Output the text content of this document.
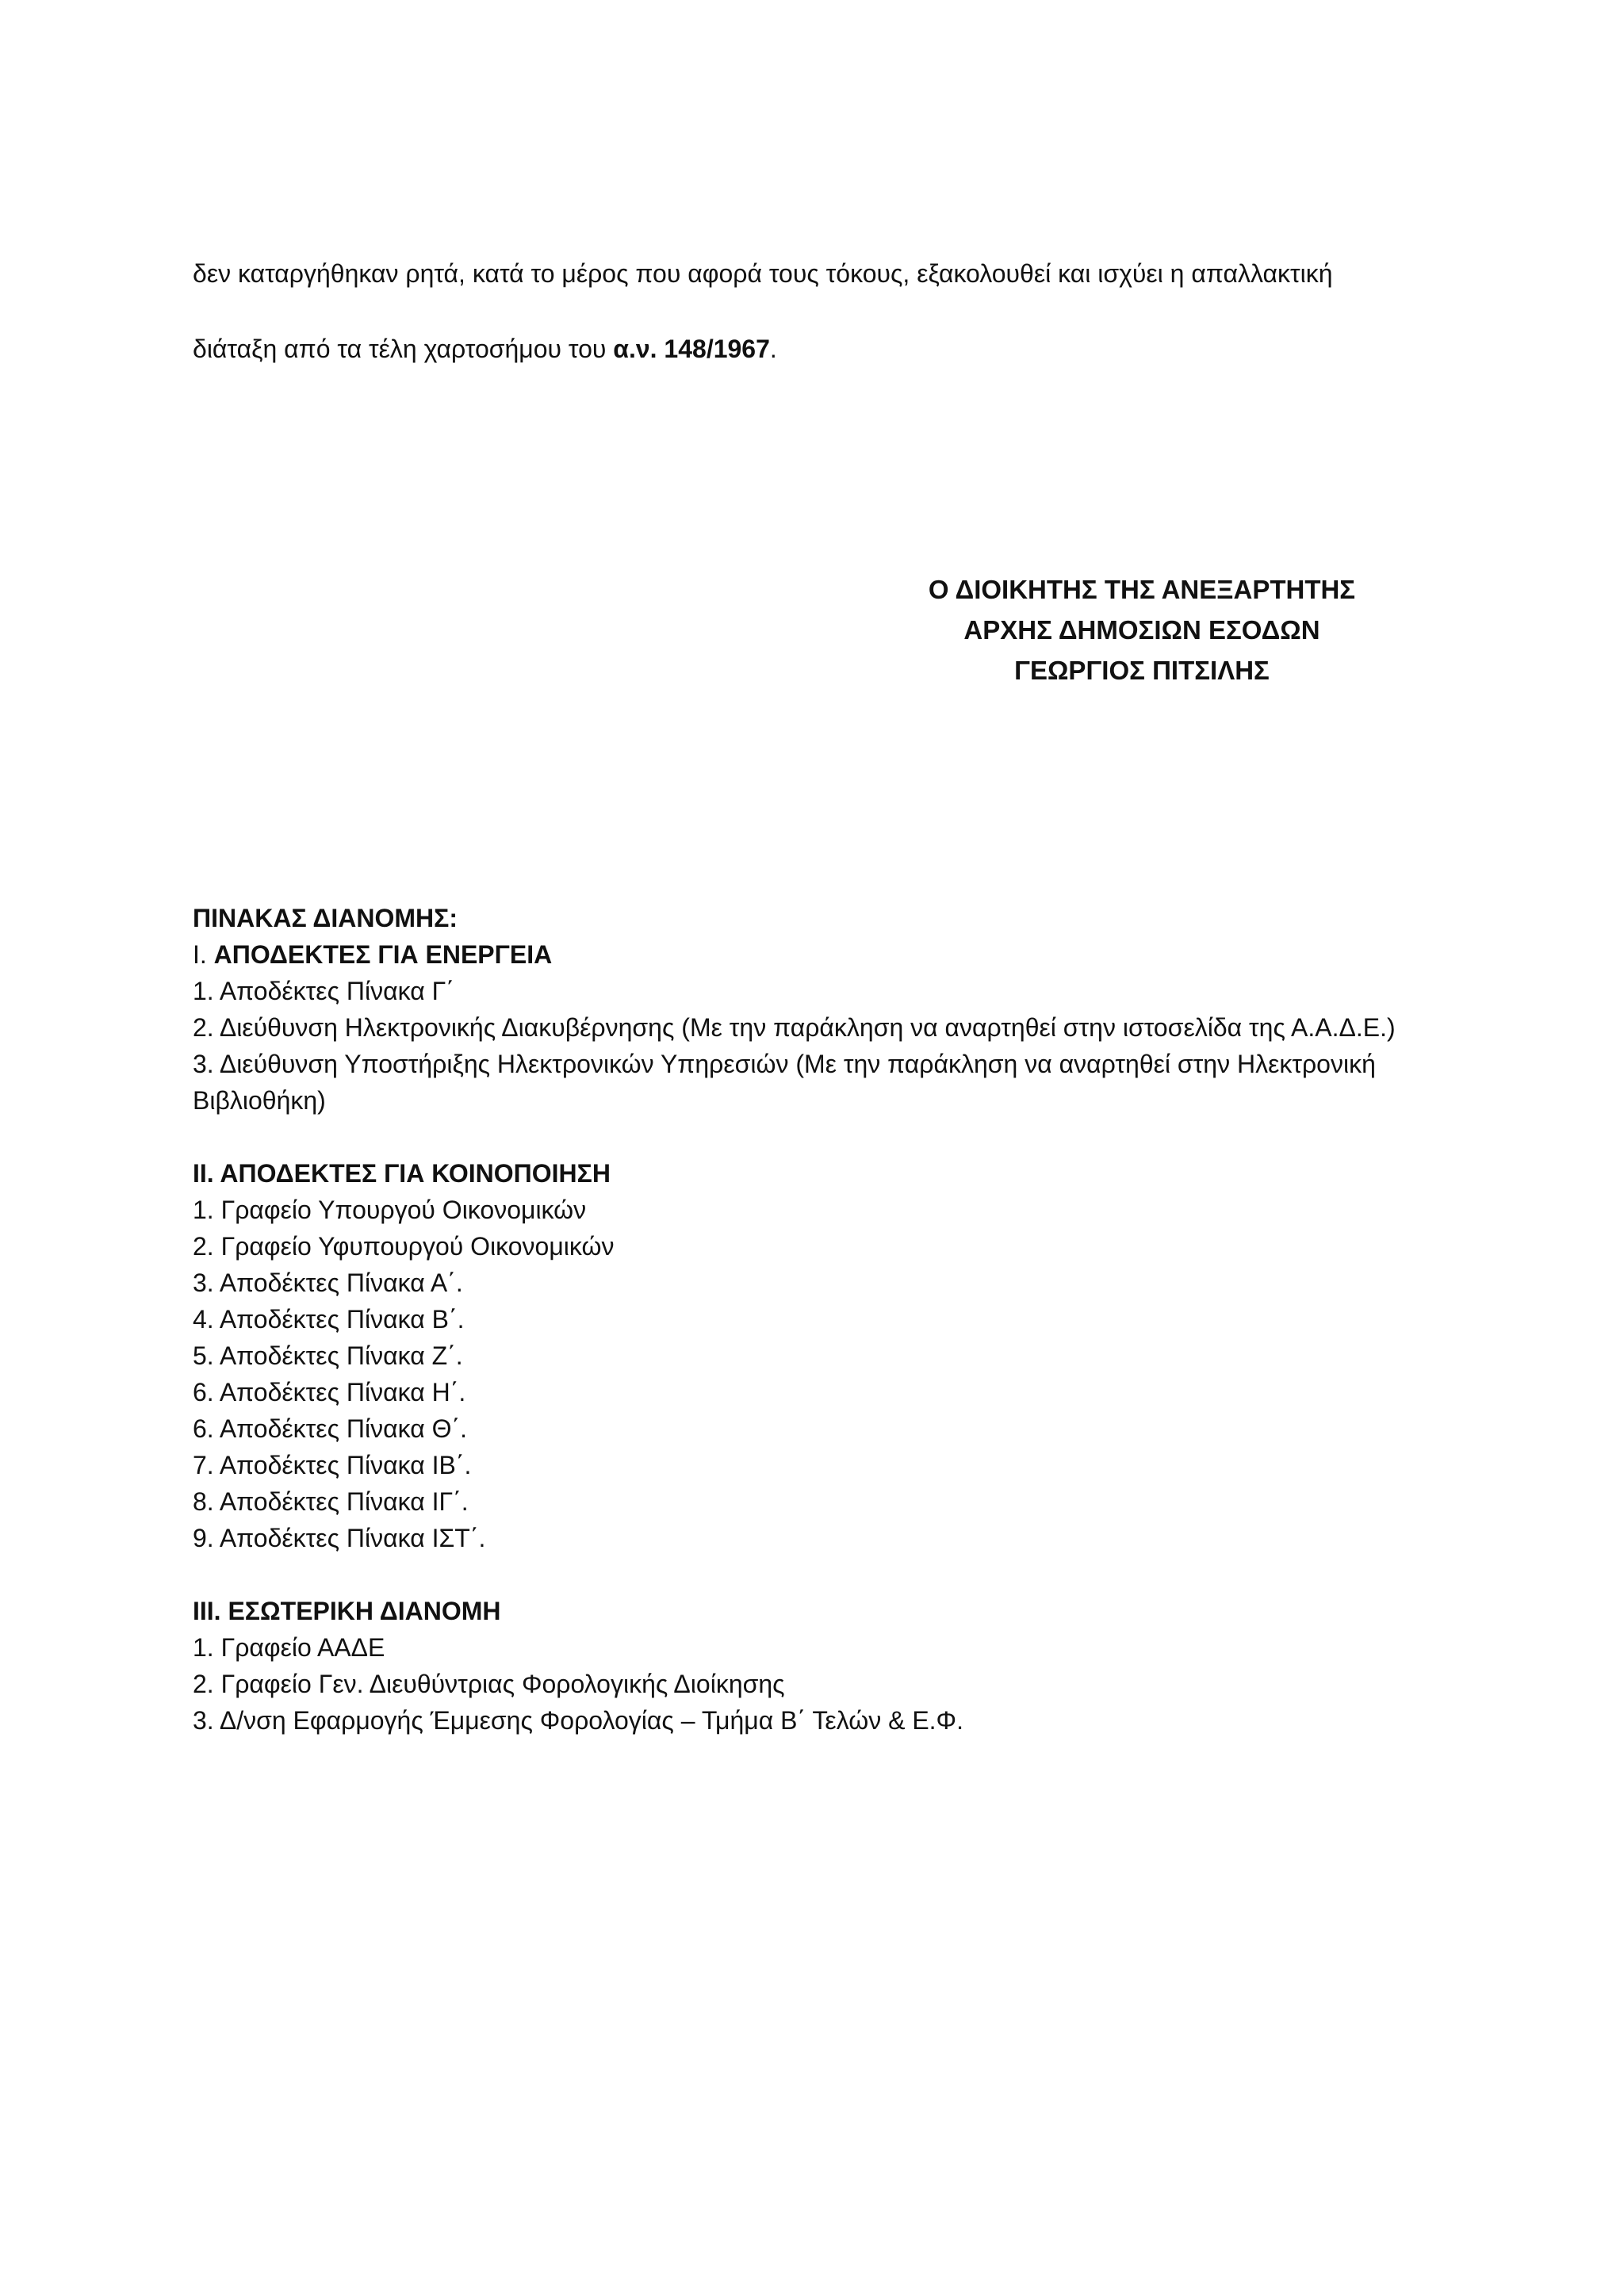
δεν καταργήθηκαν ρητά, κατά το μέρος που αφορά τους τόκους, εξακολουθεί και ισχύει η απαλλακτική
διάταξη από τα τέλη χαρτοσήμου του α.ν. 148/1967.
Ο ΔΙΟΙΚΗΤΗΣ ΤΗΣ ΑΝΕΞΑΡΤΗΤΗΣ
ΑΡΧΗΣ ΔΗΜΟΣΙΩΝ ΕΣΟΔΩΝ
ΓΕΩΡΓΙΟΣ ΠΙΤΣΙΛΗΣ
ΠΙΝΑΚΑΣ ΔΙΑΝΟΜΗΣ:
Ι. ΑΠΟΔΕΚΤΕΣ ΓΙΑ ΕΝΕΡΓΕΙΑ
1. Αποδέκτες Πίνακα Γ΄
2. Διεύθυνση Ηλεκτρονικής Διακυβέρνησης (Με την παράκληση να αναρτηθεί στην ιστοσελίδα της Α.Α.Δ.Ε.)
3. Διεύθυνση Υποστήριξης Ηλεκτρονικών Υπηρεσιών (Με την παράκληση να αναρτηθεί στην Ηλεκτρονική Βιβλιοθήκη)
ΙΙ. ΑΠΟΔΕΚΤΕΣ ΓΙΑ ΚΟΙΝΟΠΟΙΗΣΗ
1. Γραφείο Υπουργού Οικονομικών
2. Γραφείο Υφυπουργού Οικονομικών
3. Αποδέκτες Πίνακα Α΄.
4. Αποδέκτες Πίνακα Β΄.
5. Αποδέκτες Πίνακα Ζ΄.
6. Αποδέκτες Πίνακα Η΄.
6. Αποδέκτες Πίνακα Θ΄.
7. Αποδέκτες Πίνακα ΙΒ΄.
8. Αποδέκτες Πίνακα ΙΓ΄.
9. Αποδέκτες Πίνακα ΙΣΤ΄.
ΙΙΙ. ΕΣΩΤΕΡΙΚΗ ΔΙΑΝΟΜΗ
1. Γραφείο ΑΑΔΕ
2. Γραφείο Γεν. Διευθύντριας Φορολογικής Διοίκησης
3. Δ/νση Εφαρμογής Έμμεσης Φορολογίας – Τμήμα Β΄ Τελών & Ε.Φ.
